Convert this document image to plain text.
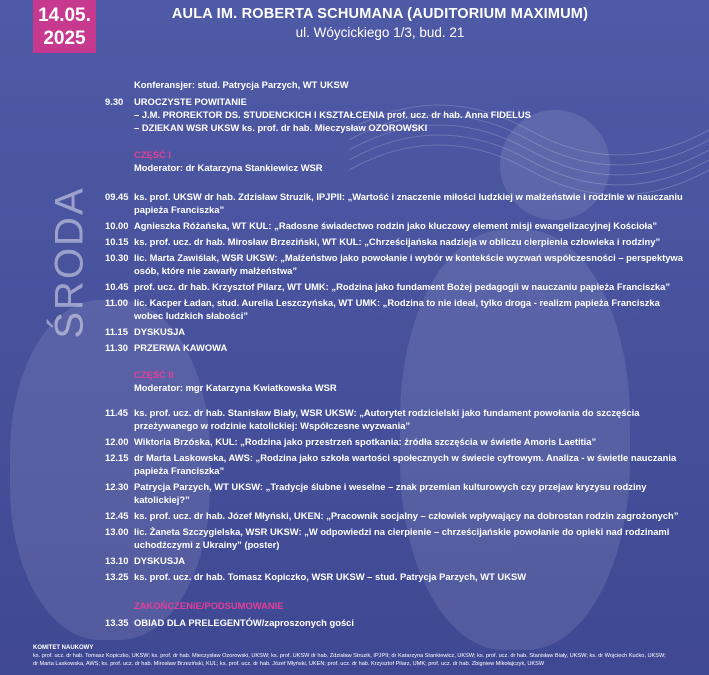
14.05.
2025
AULA IM. ROBERTA SCHUMANA (AUDITORIUM MAXIMUM)
ul. Wóycickiego 1/3, bud. 21
ŚRODA
Konferansjer: stud. Patrycja Parzych, WT UKSW
9.30	UROCZYSTE POWITANIE
– J.M. PROREKTOR DS. STUDENCKICH I KSZTAŁCENIA prof. ucz. dr hab. Anna FIDELUS
– DZIEKAN WSR UKSW ks. prof. dr hab. Mieczysław OZOROWSKI
CZĘŚĆ I
Moderator: dr Katarzyna Stankiewicz WSR
09.45 ks. prof. UKSW dr hab. Zdzisław Struzik, IPJPII: „Wartość i znaczenie miłości ludzkiej w małżeństwie i rodzinie w nauczaniu papieża Franciszka”
10.00 Agnieszka Różańska, WT KUL: „Radosne świadectwo rodzin jako kluczowy element misji ewangelizacyjnej Kościoła”
10.15 ks. prof. ucz. dr hab. Mirosław Brzeziński, WT KUL: „Chrześcijańska nadzieja w obliczu cierpienia człowieka i rodziny”
10.30 lic. Marta Zawiślak, WSR UKSW: „Małżeństwo jako powołanie i wybór w kontekście wyzwań współczesności – perspektywa osób, które nie zawarły małżeństwa”
10.45 prof. ucz. dr hab. Krzysztof Pilarz, WT UMK: „Rodzina jako fundament Bożej pedagogii w nauczaniu papieża Franciszka”
11.00 lic. Kacper Ładan, stud. Aurelia Leszczyńska, WT UMK: „Rodzina to nie ideał, tylko droga - realizm papieża Franciszka wobec ludzkich słabości”
11.15 DYSKUSJA
11.30 PRZERWA KAWOWA
CZĘŚĆ II
Moderator: mgr Katarzyna Kwiatkowska WSR
11.45 ks. prof. ucz. dr hab. Stanisław Biały, WSR UKSW: „Autorytet rodzicielski jako fundament powołania do szczęścia przeżywanego w rodzinie katolickiej: Współczesne wyzwania”
12.00 Wiktoria Brzóska, KUL: „Rodzina jako przestrzeń spotkania: źródła szczęścia w świetle Amoris Laetitia”
12.15 dr Marta Laskowska, AWS: „Rodzina jako szkoła wartości społecznych w świecie cyfrowym. Analiza - w świetle nauczania papieża Franciszka”
12.30 Patrycja Parzych, WT UKSW: „Tradycje ślubne i weselne – znak przemian kulturowych czy przejaw kryzysu rodziny katolickiej?”
12.45 ks. prof. ucz. dr hab. Józef Młyński, UKEN: „Pracownik socjalny – człowiek wpływający na dobrostan rodzin zagrożonych”
13.00 lic. Żaneta Szczygielska, WSR UKSW: „W odpowiedzi na cierpienie – chrześcijańskie powołanie do opieki nad rodzinami uchodźczymi z Ukrainy” (poster)
13.10 DYSKUSJA
13.25 ks. prof. ucz. dr hab. Tomasz Kopiczko, WSR UKSW – stud. Patrycja Parzych, WT UKSW
ZAKOŃCZENIE/PODSUMOWANIE
13.35 OBIAD DLA PRELEGENTÓW/zaproszonych gości
KOMITET NAUKOWY
ks. prof. ucz. dr hab. Tomasz Kopiczko, UKSW; ks. prof. dr hab. Mieczysław Ozorowski, UKSW; ks. prof. UKSW dr hab. Zdzisław Struzik, IPJPII; dr Katarzyna Stankiewicz, UKSW; ks. prof. ucz. dr hab. Stanisław Biały, UKSW; ks. dr Wojciech Kućko, UKSW;
dr Marta Laskowska, AWS; ks. prof. ucz. dr hab. Mirosław Brzeziński, KUL; ks. prof. ucz. dr hab. Józef Młyński, UKEN; prof. ucz. dr hab. Krzysztof Pilarz, UMK; prof. ucz. dr hab. Zbigniew Mikołajczyk, UKSW
